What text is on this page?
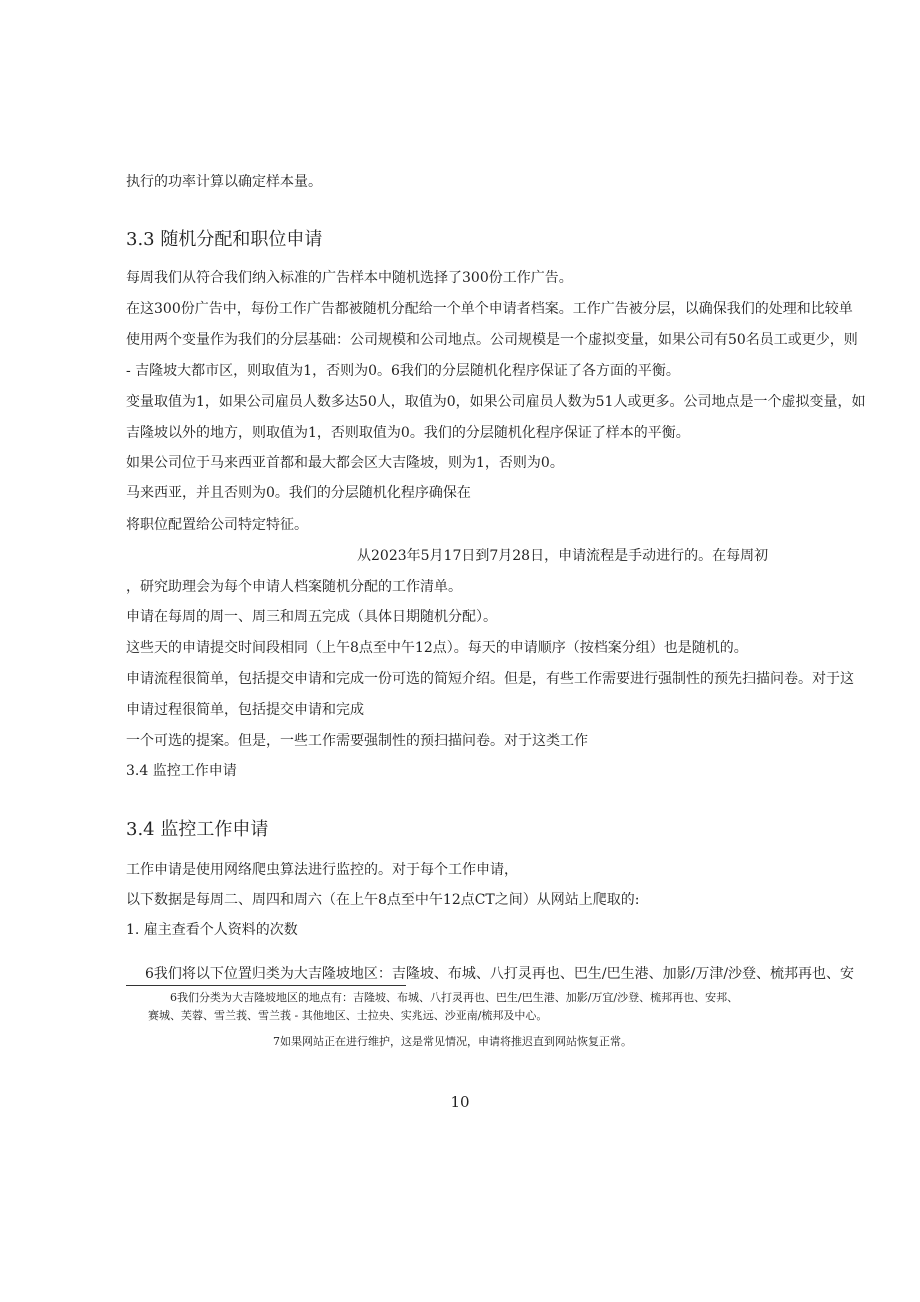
执行的功率计算以确定样本量。
3.3 随机分配和职位申请
每周我们从符合我们纳入标准的广告样本中随机选择了300份工作广告。
在这300份广告中，每份工作广告都被随机分配给一个单个申请者档案。工作广告被分层，以确保我们的处理和比较单
使用两个变量作为我们的分层基础：公司规模和公司地点。公司规模是一个虚拟变量，如果公司有50名员工或更少，则
- 吉隆坡大都市区，则取值为1，否则为0。6我们的分层随机化程序保证了各方面的平衡。
变量取值为1，如果公司雇员人数多达50人，取值为0，如果公司雇员人数为51人或更多。公司地点是一个虚拟变量，如
吉隆坡以外的地方，则取值为1，否则取值为0。我们的分层随机化程序保证了样本的平衡。
如果公司位于马来西亚首都和最大都会区大吉隆坡，则为1，否则为0。
马来西亚，并且否则为0。我们的分层随机化程序确保在
将职位配置给公司特定特征。
从2023年5月17日到7月28日，申请流程是手动进行的。在每周初
，研究助理会为每个申请人档案随机分配的工作清单。
申请在每周的周一、周三和周五完成（具体日期随机分配）。
这些天的申请提交时间段相同（上午8点至中午12点）。每天的申请顺序（按档案分组）也是随机的。
申请流程很简单，包括提交申请和完成一份可选的简短介绍。但是，有些工作需要进行强制性的预先扫描问卷。对于这
申请过程很简单，包括提交申请和完成
一个可选的提案。但是，一些工作需要强制性的预扫描问卷。对于这类工作
3.4 监控工作申请
3.4 监控工作申请
工作申请是使用网络爬虫算法进行监控的。对于每个工作申请，
以下数据是每周二、周四和周六（在上午8点至中午12点CT之间）从网站上爬取的:
1. 雇主查看个人资料的次数
6我们将以下位置归类为大吉隆坡地区：吉隆坡、布城、八打灵再也、巴生/巴生港、加影/万津/沙登、梳邦再也、安
6我们分类为大吉隆坡地区的地点有：吉隆坡、布城、八打灵再也、巴生/巴生港、加影/万宜/沙登、梳邦再也、安邦、
赛城、芙蓉、雪兰莪、雪兰莪 - 其他地区、士拉央、实兆远、沙亚南/梳邦及中心。
7如果网站正在进行维护，这是常见情况，申请将推迟直到网站恢复正常。
10
